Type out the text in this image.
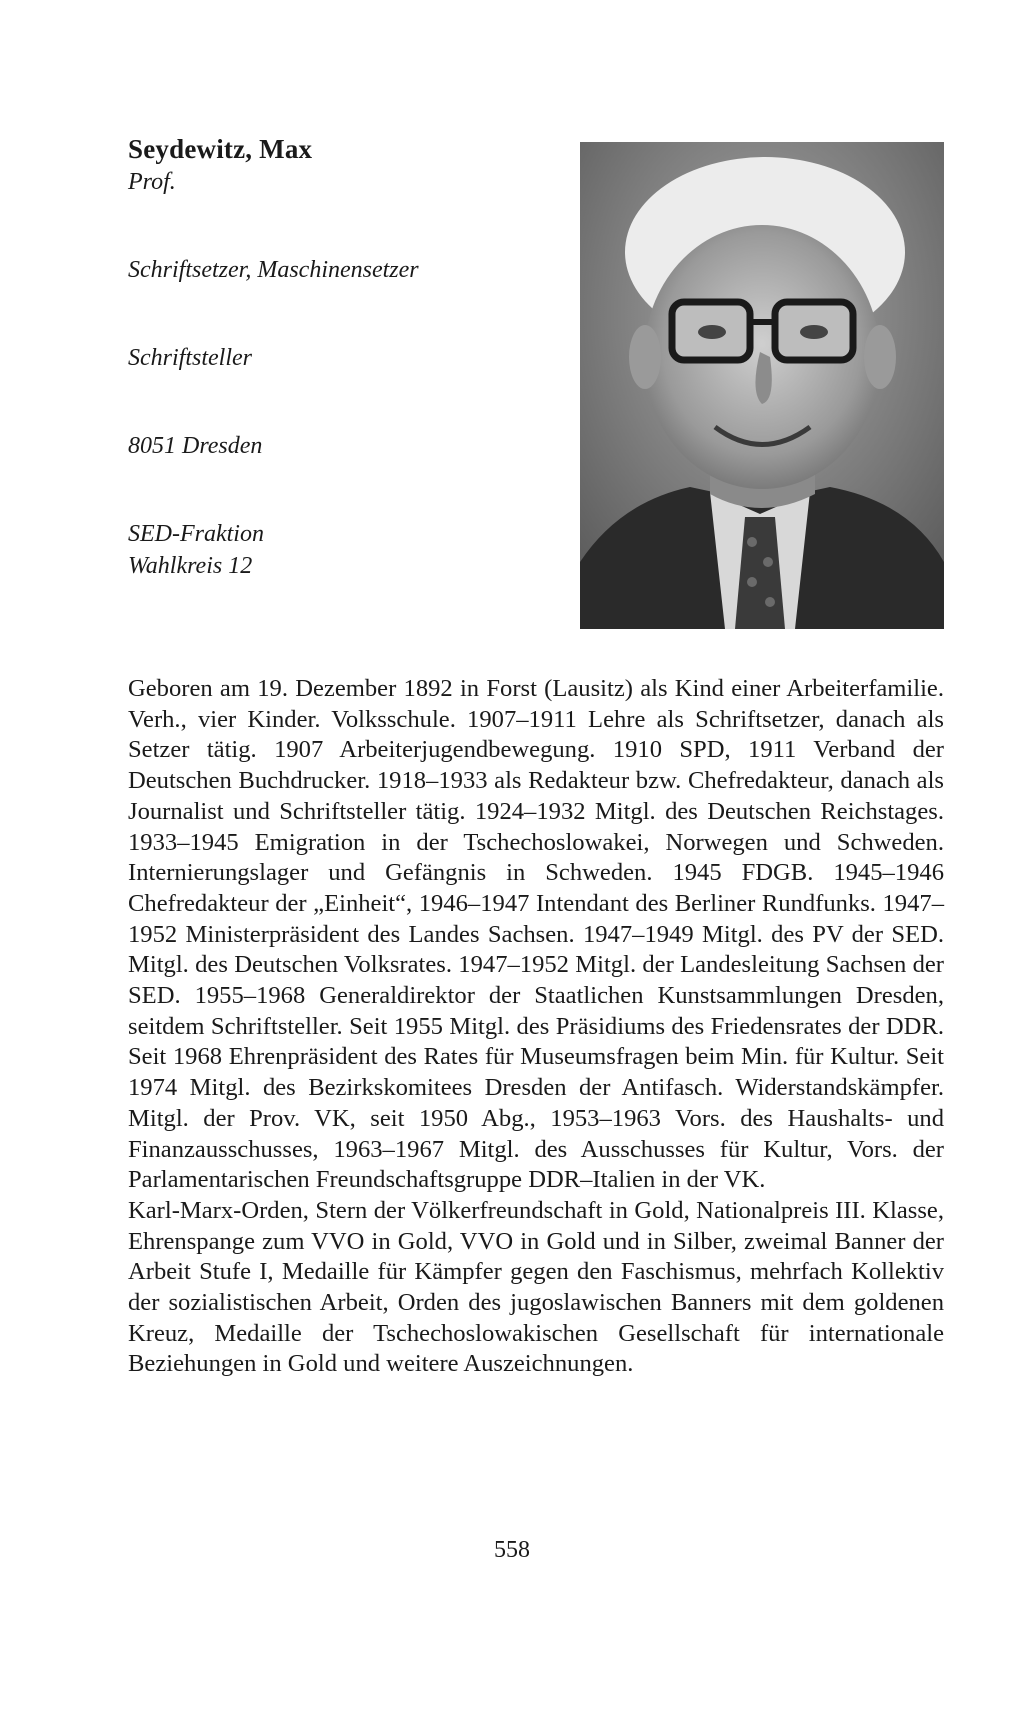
Seydewitz, Max
Prof.
Schriftsetzer, Maschinensetzer
Schriftsteller
8051 Dresden
SED-Fraktion
Wahlkreis 12

Geboren am 19. Dezember 1892 in Forst (Lausitz) als Kind einer Arbeiterfamilie. Verh., vier Kinder. Volksschule. 1907–1911 Lehre als Schriftsetzer, danach als Setzer tätig. 1907 Arbeiterjugendbewegung. 1910 SPD, 1911 Verband der Deutschen Buchdrucker. 1918–1933 als Redakteur bzw. Chefredakteur, danach als Journalist und Schriftsteller tätig. 1924–1932 Mitgl. des Deutschen Reichstages. 1933–1945 Emigration in der Tschechoslowakei, Norwegen und Schweden. Internierungslager und Gefängnis in Schweden. 1945 FDGB. 1945–1946 Chefredakteur der „Einheit“, 1946–1947 Intendant des Berliner Rundfunks. 1947–1952 Ministerpräsident des Landes Sachsen. 1947–1949 Mitgl. des PV der SED. Mitgl. des Deutschen Volksrates. 1947–1952 Mitgl. der Landesleitung Sachsen der SED. 1955–1968 Generaldirektor der Staatlichen Kunstsammlungen Dresden, seitdem Schriftsteller. Seit 1955 Mitgl. des Präsidiums des Friedensrates der DDR. Seit 1968 Ehrenpräsident des Rates für Museumsfragen beim Min. für Kultur. Seit 1974 Mitgl. des Bezirkskomitees Dresden der Antifasch. Widerstandskämpfer. Mitgl. der Prov. VK, seit 1950 Abg., 1953–1963 Vors. des Haushalts- und Finanzausschusses, 1963–1967 Mitgl. des Ausschusses für Kultur, Vors. der Parlamentarischen Freundschaftsgruppe DDR–Italien in der VK.

Karl-Marx-Orden, Stern der Völkerfreundschaft in Gold, Nationalpreis III. Klasse, Ehrenspange zum VVO in Gold, VVO in Gold und in Silber, zweimal Banner der Arbeit Stufe I, Medaille für Kämpfer gegen den Faschismus, mehrfach Kollektiv der sozialistischen Arbeit, Orden des jugoslawischen Banners mit dem goldenen Kreuz, Medaille der Tschechoslowakischen Gesellschaft für internationale Beziehungen in Gold und weitere Auszeichnungen.

558
